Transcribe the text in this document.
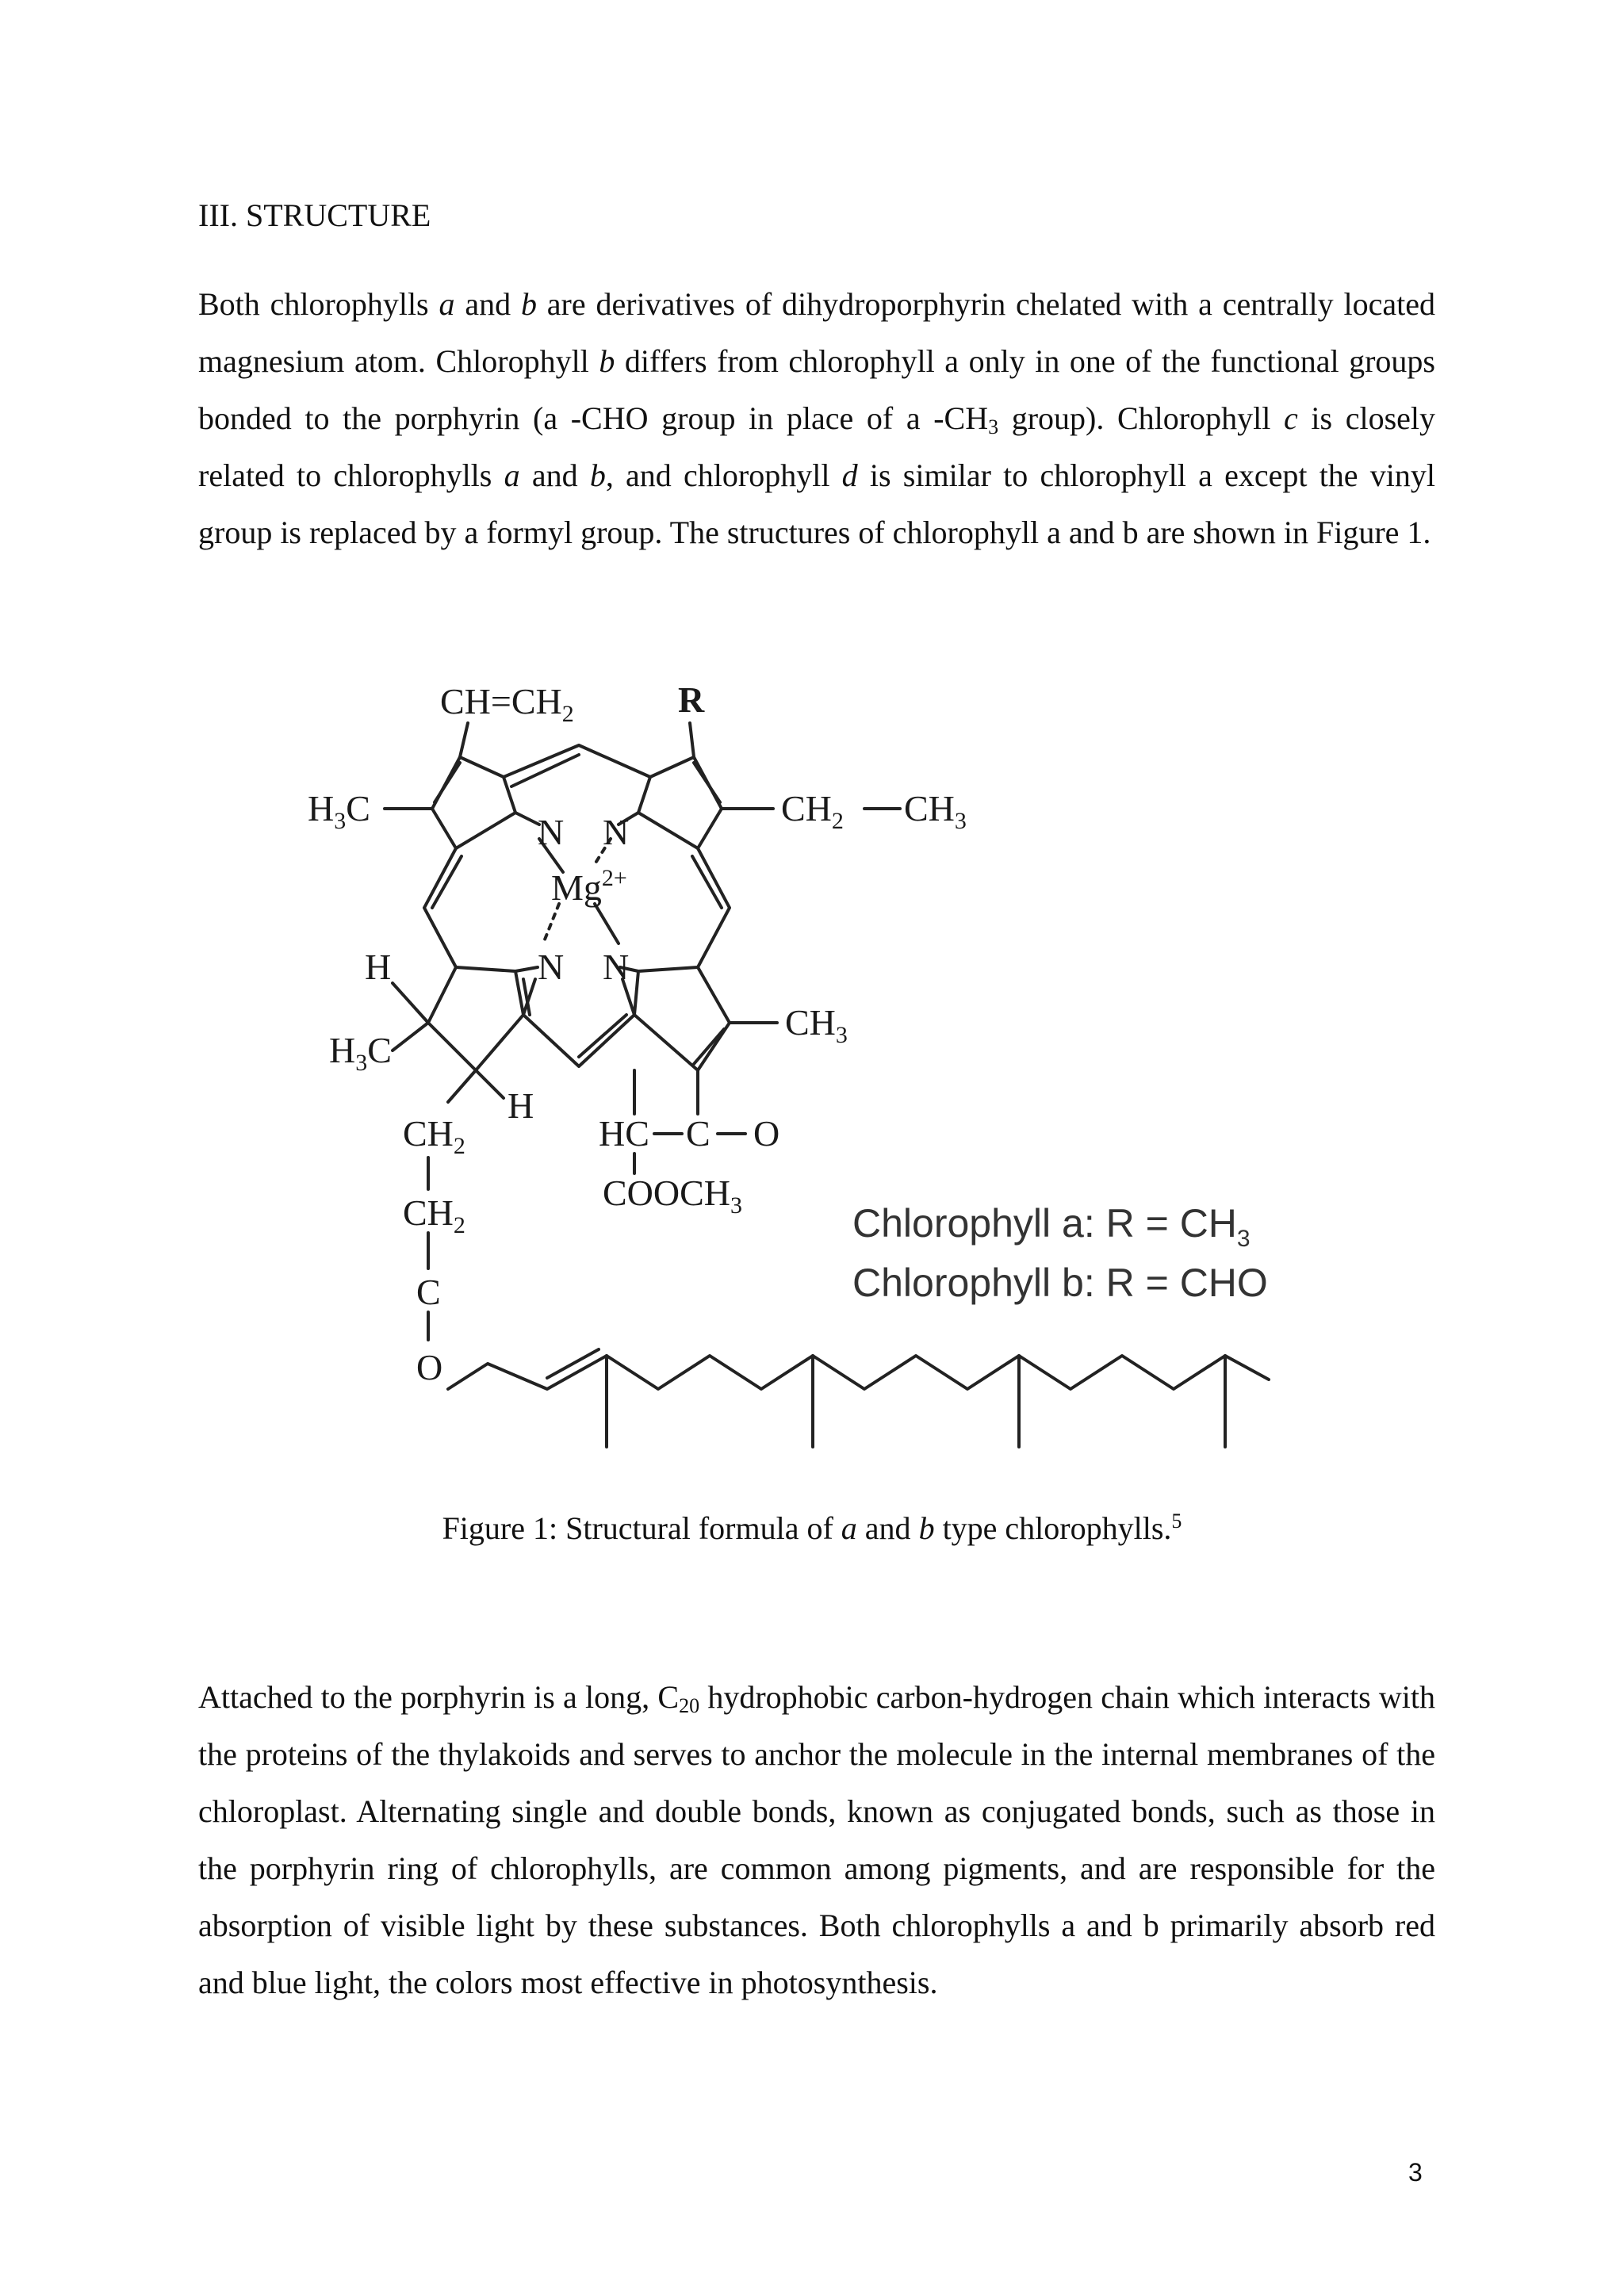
III. STRUCTURE

Both chlorophylls a and b are derivatives of dihydroporphyrin chelated with a centrally located magnesium atom. Chlorophyll b differs from chlorophyll a only in one of the functional groups bonded to the porphyrin (a -CHO group in place of a $-CH_3$ group). Chlorophyll c is closely related to chlorophylls a and b, and chlorophyll d is similar to chlorophyll a except the vinyl group is replaced by a formyl group. The structures of chlorophyll a and b are shown in Figure 1.

$CH=CH_2$	R
$H_3C$	$CH_2$ $CH_3$
N N
N N
$Mg^{2+}$
H
$H_3C$
$CH_3$
H
$CH_2$
$CH_2$
C
O
HC C O
$COOCH_3$	Chlorophyll a: $R = CH_3$
Chlorophyll b: R = CHO
Figure 1: Structural formula of a and b type chlorophylls.$^5$

Attached to the porphyrin is a long, $C_{20}$ hydrophobic carbon-hydrogen chain which interacts with the proteins of the thylakoids and serves to anchor the molecule in the internal membranes of the chloroplast. Alternating single and double bonds, known as conjugated bonds, such as those in the porphyrin ring of chlorophylls, are common among pigments, and are responsible for the absorption of visible light by these substances. Both chlorophylls a and b primarily absorb red and blue light, the colors most effective in photosynthesis.

3
